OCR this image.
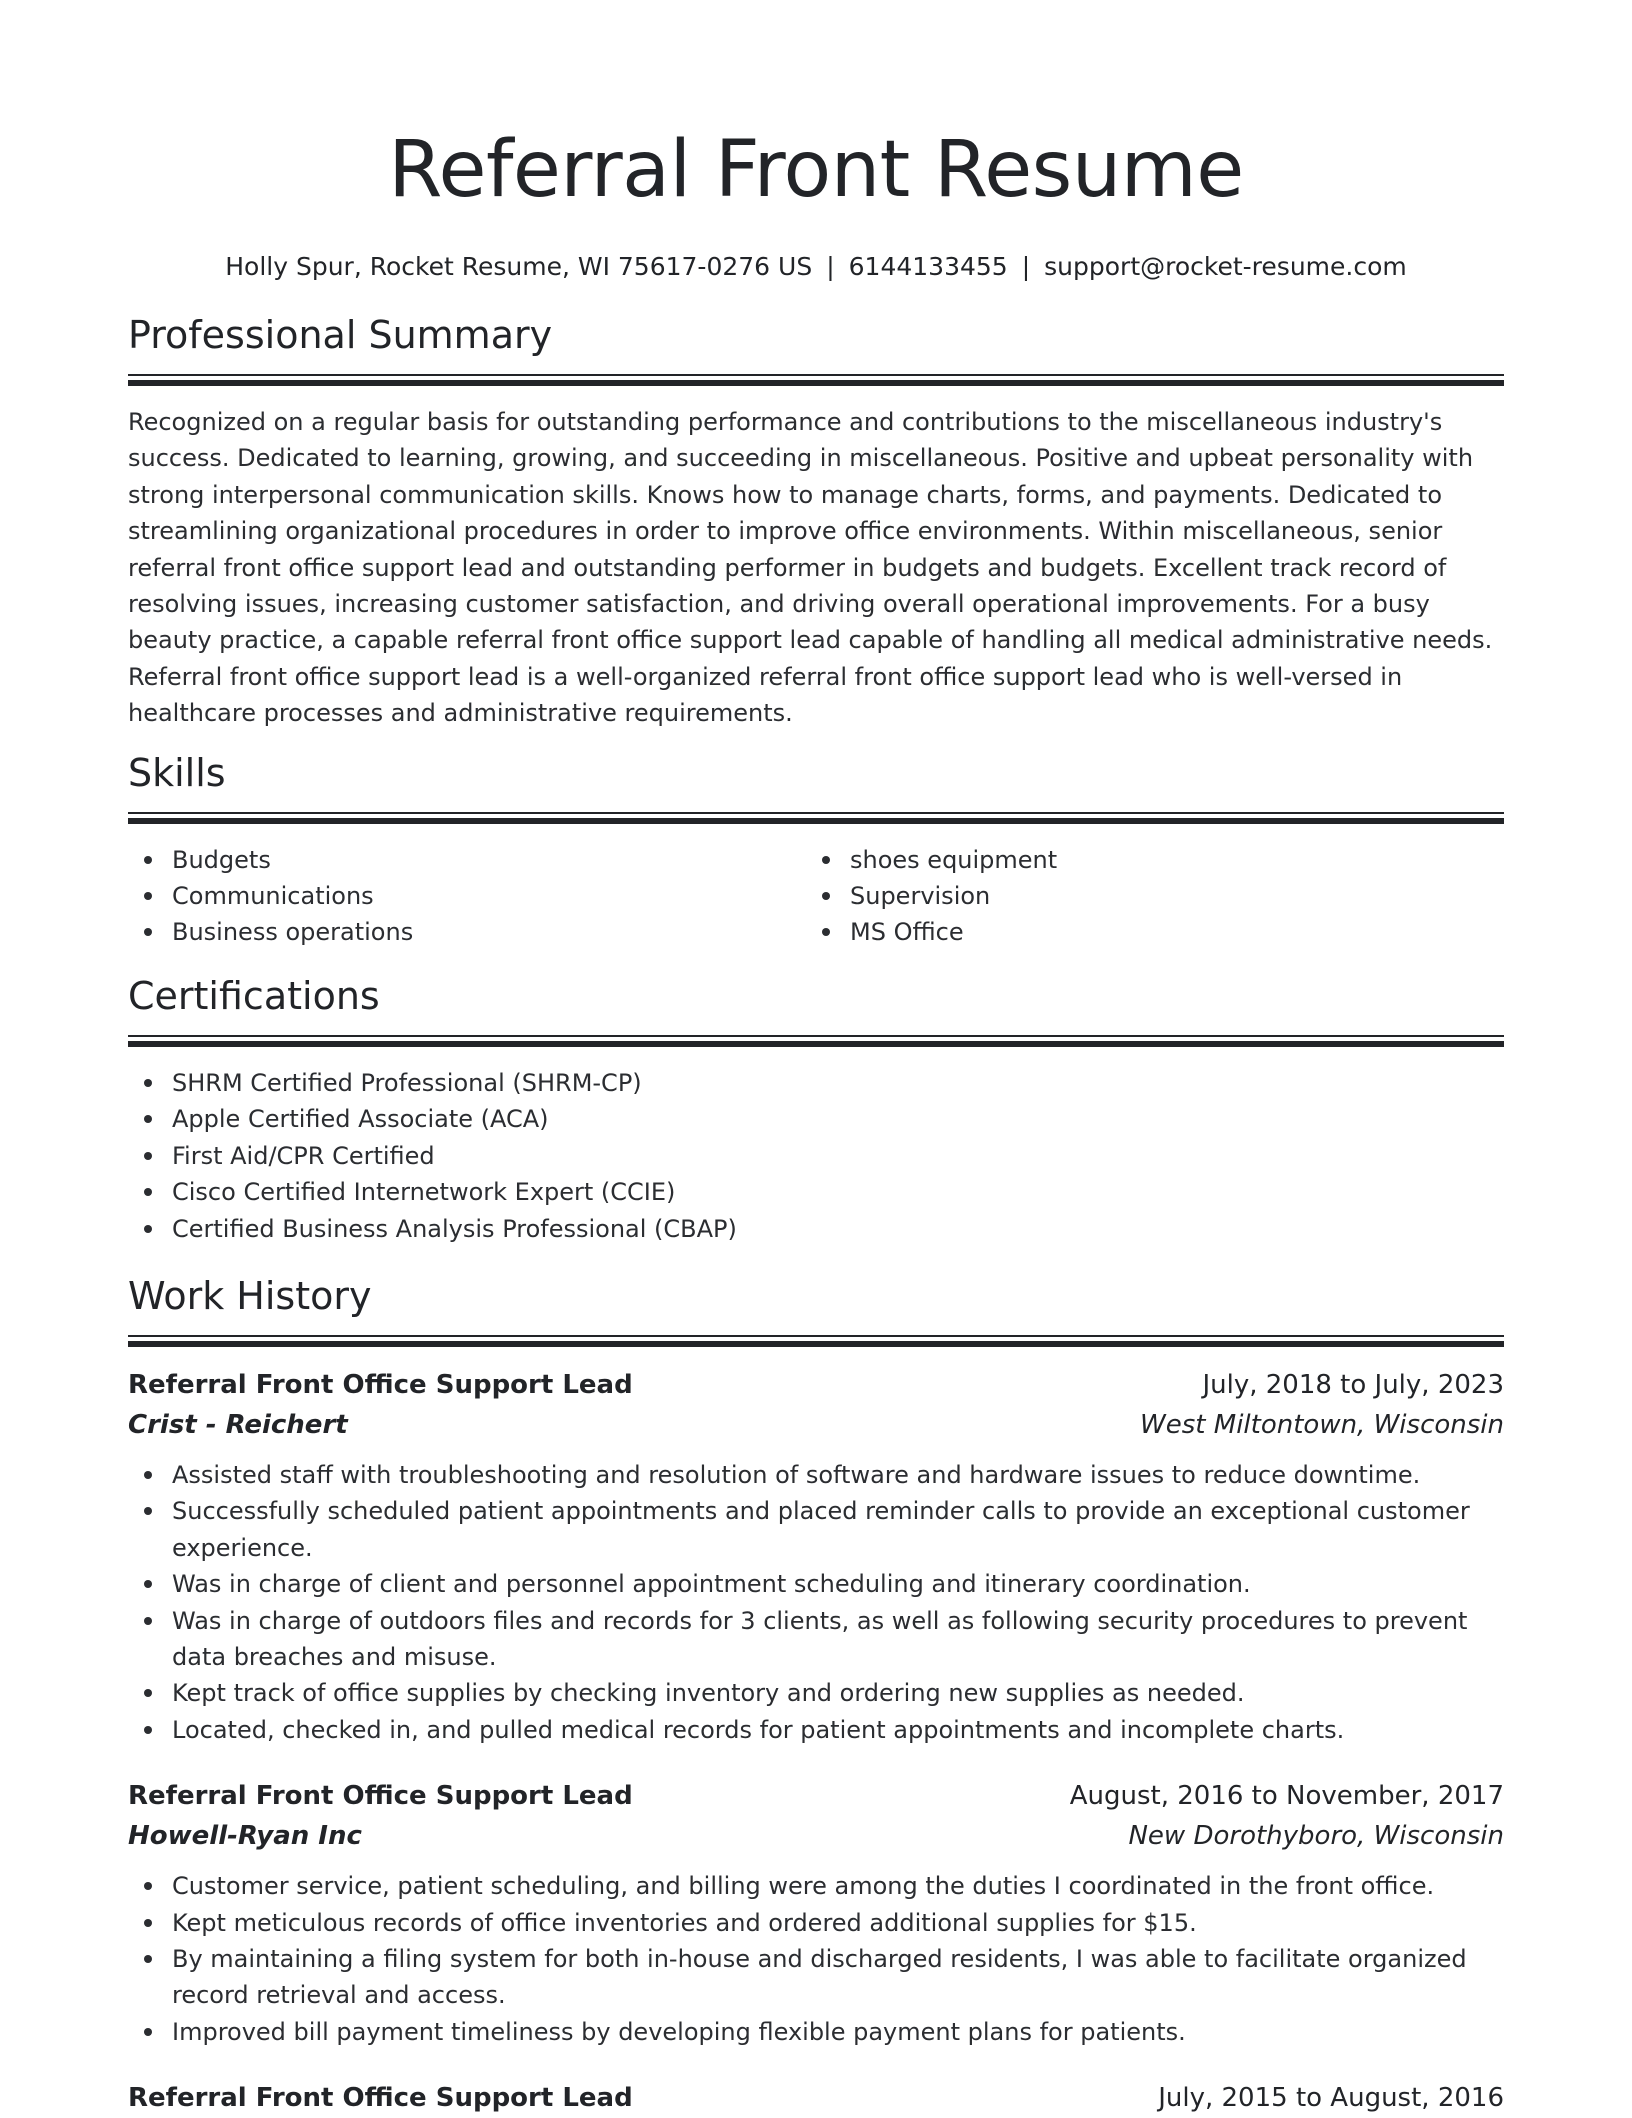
Referral Front Resume
Holly Spur, Rocket Resume, WI 75617-0276 US | 6144133455 | support@rocket-resume.com
Professional Summary

Recognized on a regular basis for outstanding performance and contributions to the miscellaneous industry's success. Dedicated to learning, growing, and succeeding in miscellaneous. Positive and upbeat personality with strong interpersonal communication skills. Knows how to manage charts, forms, and payments. Dedicated to streamlining organizational procedures in order to improve office environments. Within miscellaneous, senior referral front office support lead and outstanding performer in budgets and budgets. Excellent track record of resolving issues, increasing customer satisfaction, and driving overall operational improvements. For a busy beauty practice, a capable referral front office support lead capable of handling all medical administrative needs. Referral front office support lead is a well-organized referral front office support lead who is well-versed in healthcare processes and administrative requirements.

Skills
Budgets
Communications
Business operations
shoes equipment
Supervision
MS Office
Certifications
SHRM Certified Professional (SHRM-CP)
Apple Certified Associate (ACA)
First Aid/CPR Certified
Cisco Certified Internetwork Expert (CCIE)
Certified Business Analysis Professional (CBAP)
Work History
Referral Front Office Support Lead	July, 2018 to July, 2023
Crist - Reichert	West Miltontown, Wisconsin
Assisted staff with troubleshooting and resolution of software and hardware issues to reduce downtime.
Successfully scheduled patient appointments and placed reminder calls to provide an exceptional customer experience.
Was in charge of client and personnel appointment scheduling and itinerary coordination.
Was in charge of outdoors files and records for 3 clients, as well as following security procedures to prevent data breaches and misuse.
Kept track of office supplies by checking inventory and ordering new supplies as needed.
Located, checked in, and pulled medical records for patient appointments and incomplete charts.
Referral Front Office Support Lead	August, 2016 to November, 2017
Howell-Ryan Inc	New Dorothyboro, Wisconsin
Customer service, patient scheduling, and billing were among the duties I coordinated in the front office.
Kept meticulous records of office inventories and ordered additional supplies for $15.
By maintaining a filing system for both in-house and discharged residents, I was able to facilitate organized record retrieval and access.
Improved bill payment timeliness by developing flexible payment plans for patients.
Referral Front Office Support Lead	July, 2015 to August, 2016
